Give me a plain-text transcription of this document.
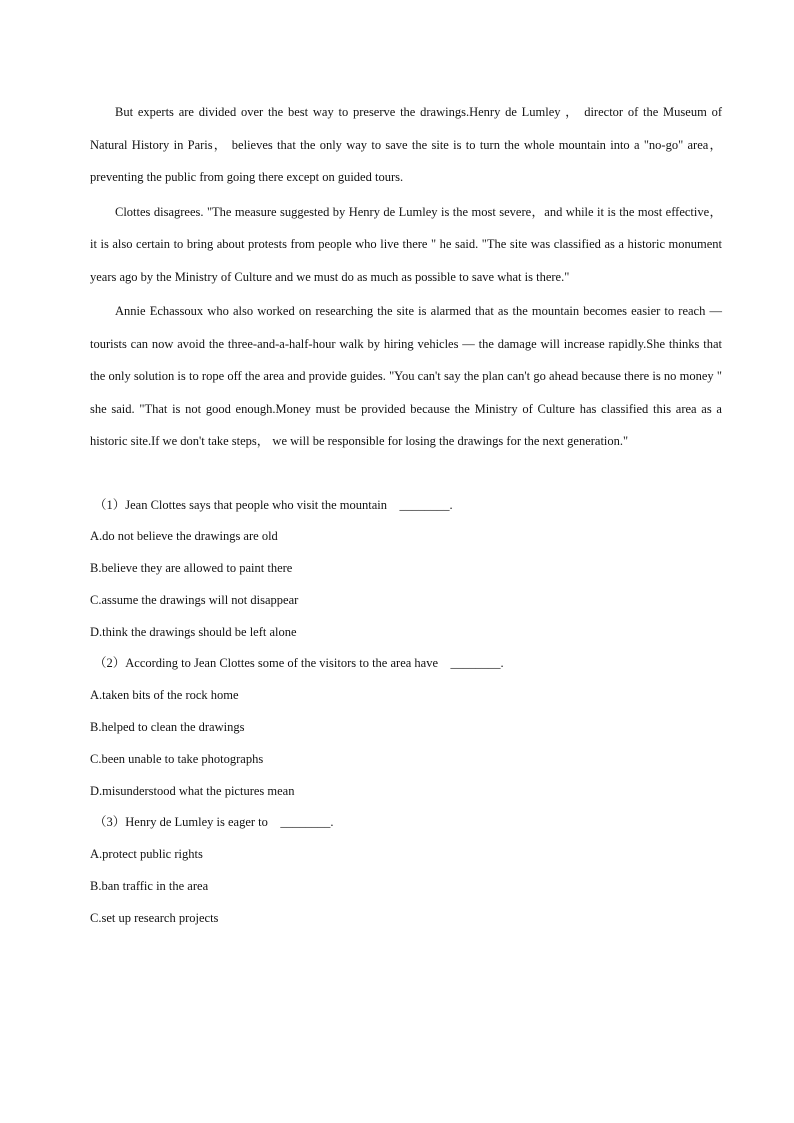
But experts are divided over the best way to preserve the drawings.Henry de Lumley ， director of the Museum of Natural History in Paris， believes that the only way to save the site is to turn the whole mountain into a "no-go" area，preventing the public from going there except on guided tours.

Clottes disagrees. "The measure suggested by Henry de Lumley is the most severe，and while it is the most effective，it is also certain to bring about protests from people who live there " he said. "The site was classified as a historic monument years ago by the Ministry of Culture and we must do as much as possible to save what is there."

Annie Echassoux who also worked on researching the site is alarmed that as the mountain becomes easier to reach — tourists can now avoid the three-and-a-half-hour walk by hiring vehicles — the damage will increase rapidly.She thinks that the only solution is to rope off the area and provide guides. "You can't say the plan can't go ahead because there is no money " she said. "That is not good enough.Money must be provided because the Ministry of Culture has classified this area as a historic site.If we don't take steps， we will be responsible for losing the drawings for the next generation."

（1）Jean Clottes says that people who visit the mountain    ________.

A.do not believe the drawings are old

B.believe they are allowed to paint there

C.assume the drawings will not disappear

D.think the drawings should be left alone

（2）According to Jean Clottes some of the visitors to the area have    ________.

A.taken bits of the rock home

B.helped to clean the drawings

C.been unable to take photographs

D.misunderstood what the pictures mean

（3）Henry de Lumley is eager to    ________.

A.protect public rights

B.ban traffic in the area

C.set up research projects
